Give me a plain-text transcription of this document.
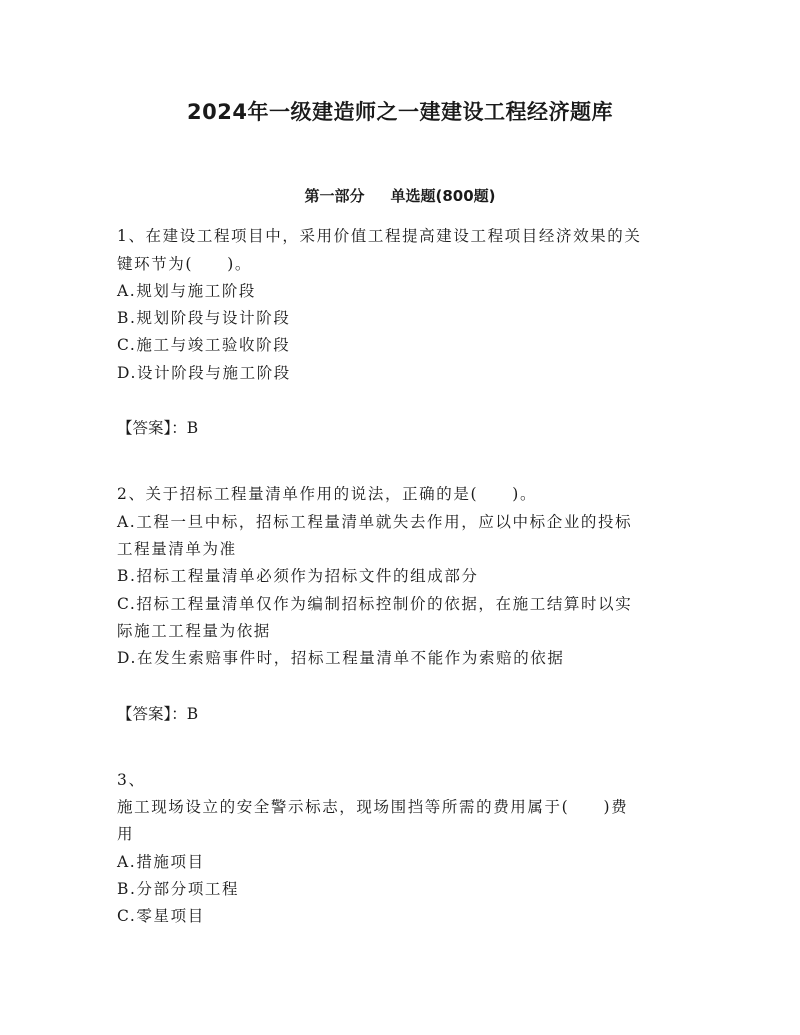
2024年一级建造师之一建建设工程经济题库
第一部分 单选题(800题)
1、在建设工程项目中，采用价值工程提高建设工程项目经济效果的关
键环节为(　　)。
A.规划与施工阶段
B.规划阶段与设计阶段
C.施工与竣工验收阶段
D.设计阶段与施工阶段
【答案】：B
2、关于招标工程量清单作用的说法，正确的是(　　)。
A.工程一旦中标，招标工程量清单就失去作用，应以中标企业的投标
工程量清单为准
B.招标工程量清单必须作为招标文件的组成部分
C.招标工程量清单仅作为编制招标控制价的依据，在施工结算时以实
际施工工程量为依据
D.在发生索赔事件时，招标工程量清单不能作为索赔的依据
【答案】：B
3、
施工现场设立的安全警示标志，现场围挡等所需的费用属于(　　)费
用
A.措施项目
B.分部分项工程
C.零星项目
